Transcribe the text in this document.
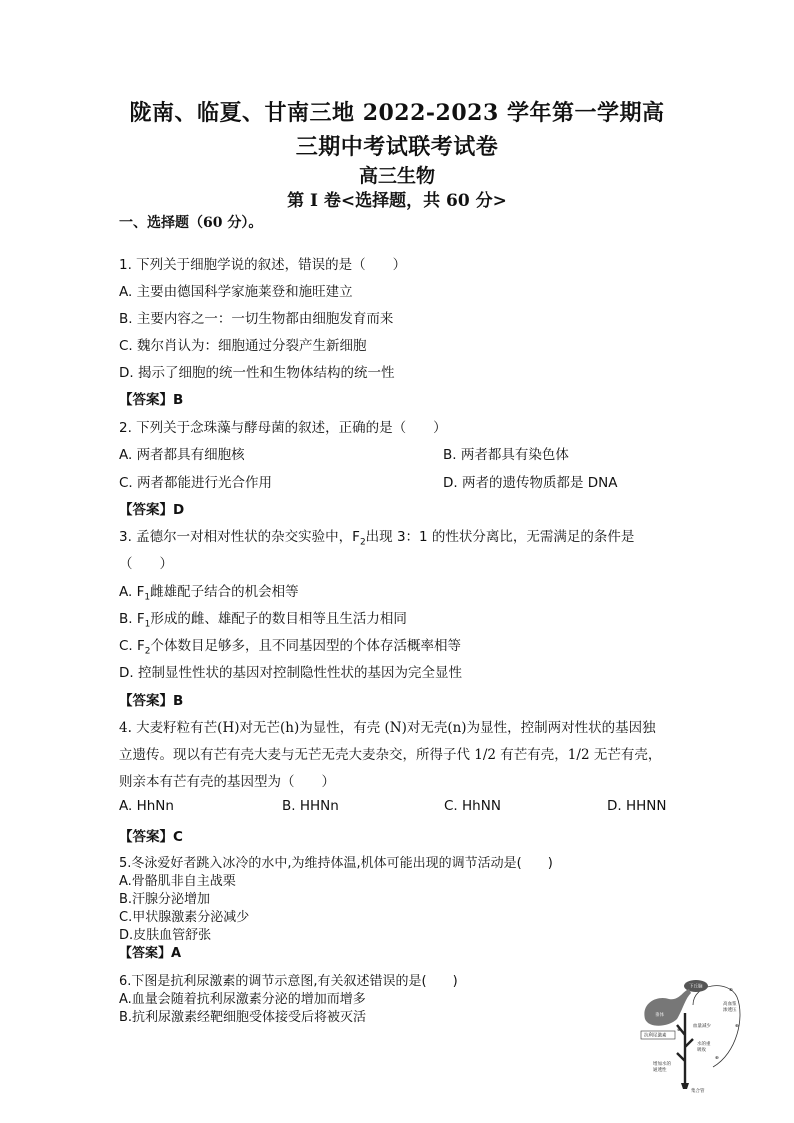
陇南、临夏、甘南三地 2022-2023 学年第一学期高
三期中考试联考试卷
高三生物
第 I 卷<选择题，共 60 分>
一、选择题（60 分）。
1. 下列关于细胞学说的叙述，错误的是（　　）
A. 主要由德国科学家施莱登和施旺建立
B. 主要内容之一：一切生物都由细胞发育而来
C. 魏尔肖认为：细胞通过分裂产生新细胞
D. 揭示了细胞的统一性和生物体结构的统一性
【答案】B
2. 下列关于念珠藻与酵母菌的叙述，正确的是（　　）
A. 两者都具有细胞核	B. 两者都具有染色体
C. 两者都能进行光合作用	D. 两者的遗传物质都是 DNA
【答案】D
3. 孟德尔一对相对性状的杂交实验中，$F_2$出现 3：1 的性状分离比，无需满足的条件是
（　　）
A. $F_1$雌雄配子结合的机会相等
B. $F_1$形成的雌、雄配子的数目相等且生活力相同
C. $F_2$个体数目足够多，且不同基因型的个体存活概率相等
D. 控制显性性状的基因对控制隐性性状的基因为完全显性
【答案】B
4. 大麦籽粒有芒(H)对无芒(h)为显性，有壳 (N)对无壳(n)为显性，控制两对性状的基因独
立遗传。现以有芒有壳大麦与无芒无壳大麦杂交，所得子代 1/2 有芒有壳，1/2 无芒有壳，
则亲本有芒有壳的基因型为（　　）
A. HhNn	B. HHNn	C. HhNN	D. HHNN
【答案】C
5.冬泳爱好者跳入冰冷的水中,为维持体温,机体可能出现的调节活动是(　　)
A.骨骼肌非自主战栗
B.汗腺分泌增加
C.甲状腺激素分泌减少
D.皮肤血管舒张
【答案】A
6.下图是抗利尿激素的调节示意图,有关叙述错误的是(　　)
A.血量会随着抗利尿激素分泌的增加而增多
B.抗利尿激素经靶细胞受体接受后将被灭活
下丘脑
垂体
抗利尿激素
集合管
血量减少
高血浆
渗透压
水的重
吸收
增加水的
通透性
⊕
⊕
⊕
⊕
